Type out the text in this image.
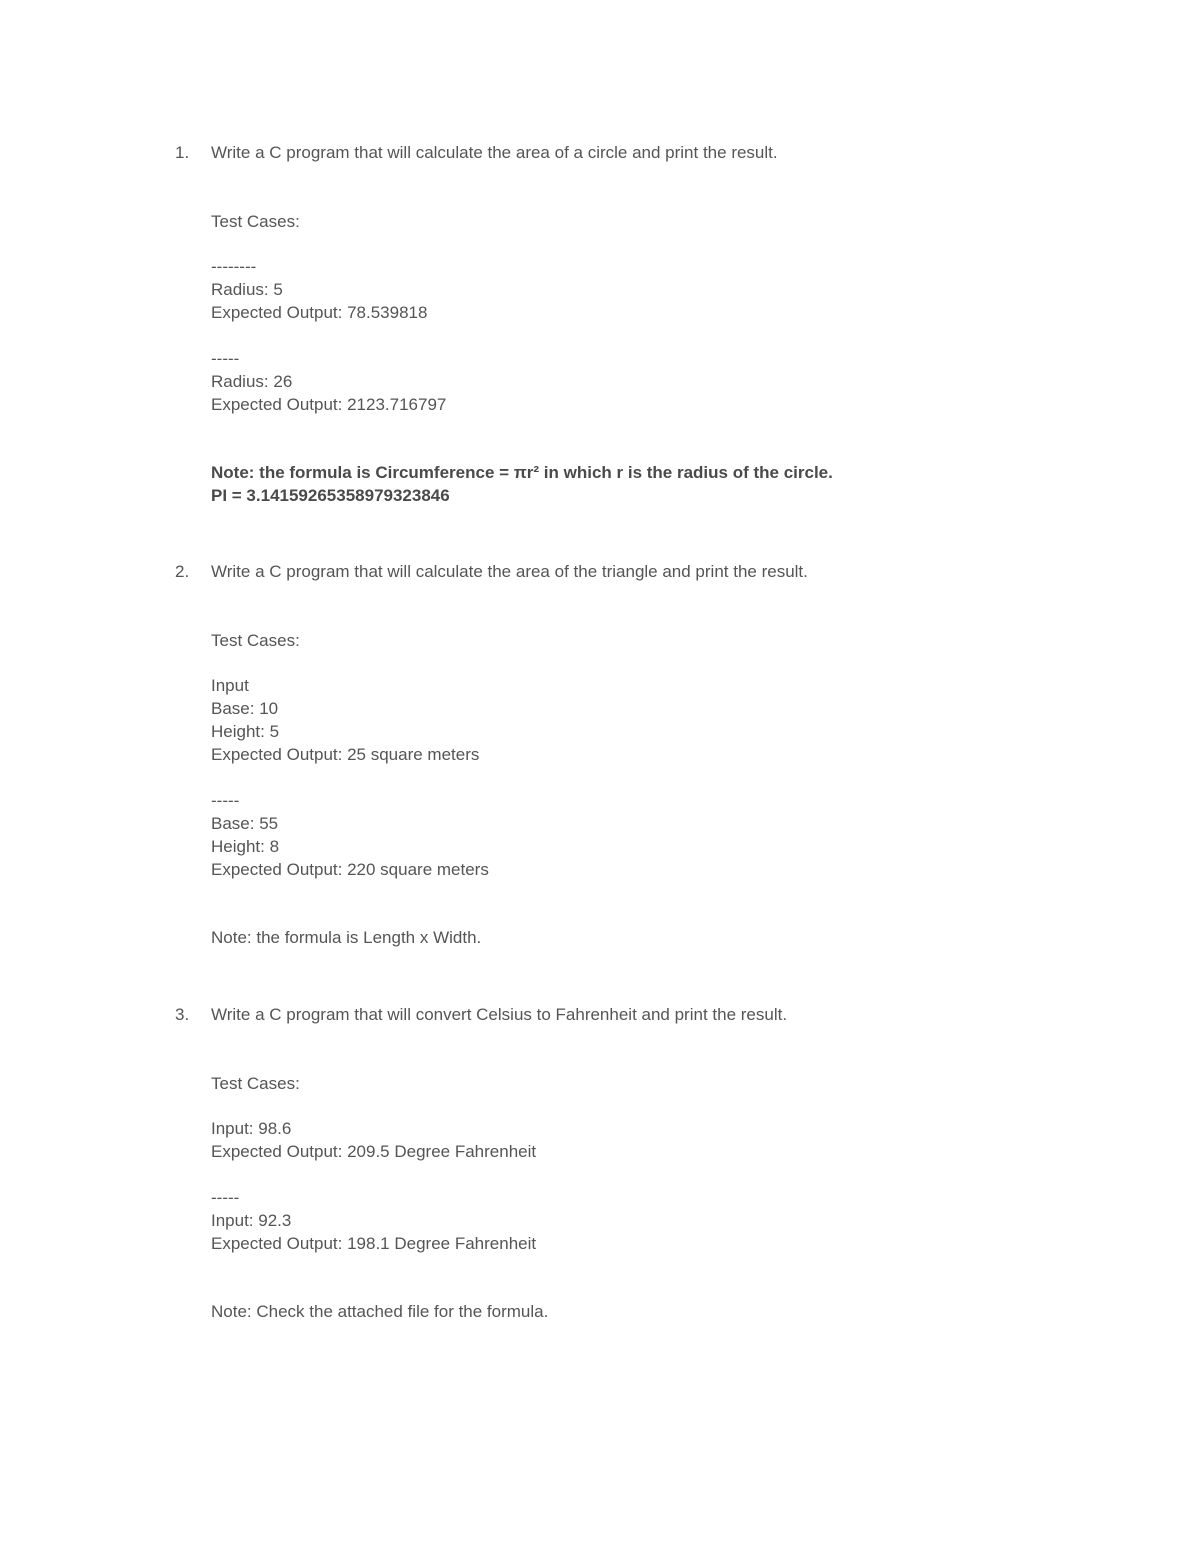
1. Write a C program that will calculate the area of a circle and print the result.
Test Cases:
--------
Radius: 5
Expected Output: 78.539818
-----
Radius: 26
Expected Output: 2123.716797
Note: the formula is Circumference = πr² in which r is the radius of the circle.
PI = 3.14159265358979323846
2. Write a C program that will calculate the area of the triangle and print the result.
Test Cases:
Input
Base: 10
Height: 5
Expected Output: 25 square meters
-----
Base: 55
Height: 8
Expected Output: 220 square meters
Note: the formula is Length x Width.
3. Write a C program that will convert Celsius to Fahrenheit and print the result.
Test Cases:
Input: 98.6
Expected Output: 209.5 Degree Fahrenheit
-----
Input: 92.3
Expected Output: 198.1 Degree Fahrenheit
Note: Check the attached file for the formula.
